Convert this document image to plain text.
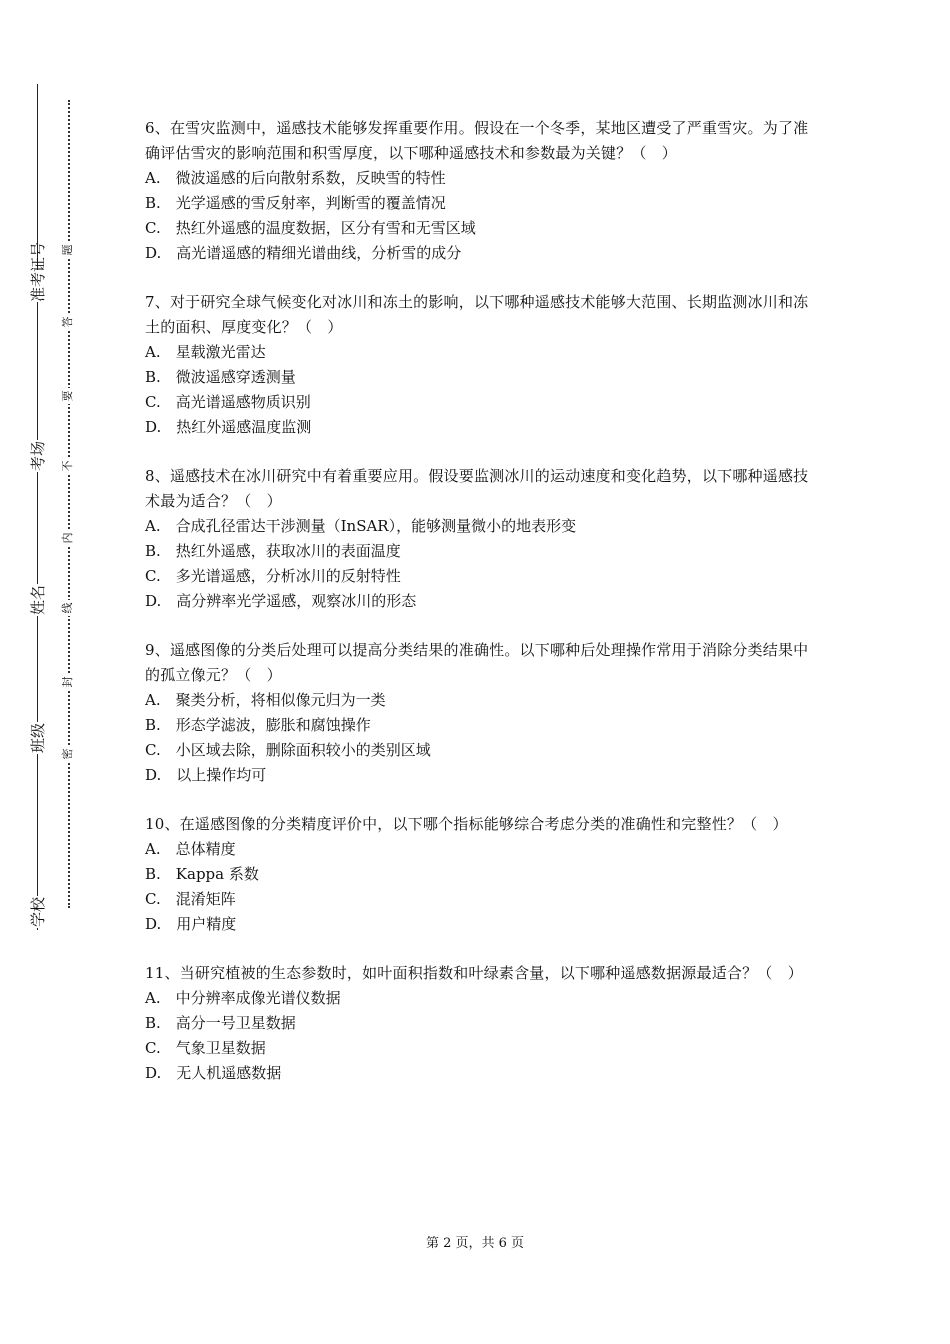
学校
班级
姓名
考场
准考证号	题
答
要
不
内
线
封
密
6、在雪灾监测中，遥感技术能够发挥重要作用。假设在一个冬季，某地区遭受了严重雪灾。为了准确评估雪灾的影响范围和积雪厚度，以下哪种遥感技术和参数最为关键？（　）
A.　微波遥感的后向散射系数，反映雪的特性
B.　光学遥感的雪反射率，判断雪的覆盖情况
C.　热红外遥感的温度数据，区分有雪和无雪区域
D.　高光谱遥感的精细光谱曲线，分析雪的成分
7、对于研究全球气候变化对冰川和冻土的影响，以下哪种遥感技术能够大范围、长期监测冰川和冻土的面积、厚度变化？（　）
A.　星载激光雷达
B.　微波遥感穿透测量
C.　高光谱遥感物质识别
D.　热红外遥感温度监测
8、遥感技术在冰川研究中有着重要应用。假设要监测冰川的运动速度和变化趋势，以下哪种遥感技术最为适合？（　）
A.　合成孔径雷达干涉测量（InSAR），能够测量微小的地表形变
B.　热红外遥感，获取冰川的表面温度
C.　多光谱遥感，分析冰川的反射特性
D.　高分辨率光学遥感，观察冰川的形态
9、遥感图像的分类后处理可以提高分类结果的准确性。以下哪种后处理操作常用于消除分类结果中的孤立像元？（　）
A.　聚类分析，将相似像元归为一类
B.　形态学滤波，膨胀和腐蚀操作
C.　小区域去除，删除面积较小的类别区域
D.　以上操作均可
10、在遥感图像的分类精度评价中，以下哪个指标能够综合考虑分类的准确性和完整性？（　）
A.　总体精度
B.　Kappa 系数
C.　混淆矩阵
D.　用户精度
11、当研究植被的生态参数时，如叶面积指数和叶绿素含量，以下哪种遥感数据源最适合？（　）
A.　中分辨率成像光谱仪数据
B.　高分一号卫星数据
C.　气象卫星数据
D.　无人机遥感数据
第 2 页，共 6 页
